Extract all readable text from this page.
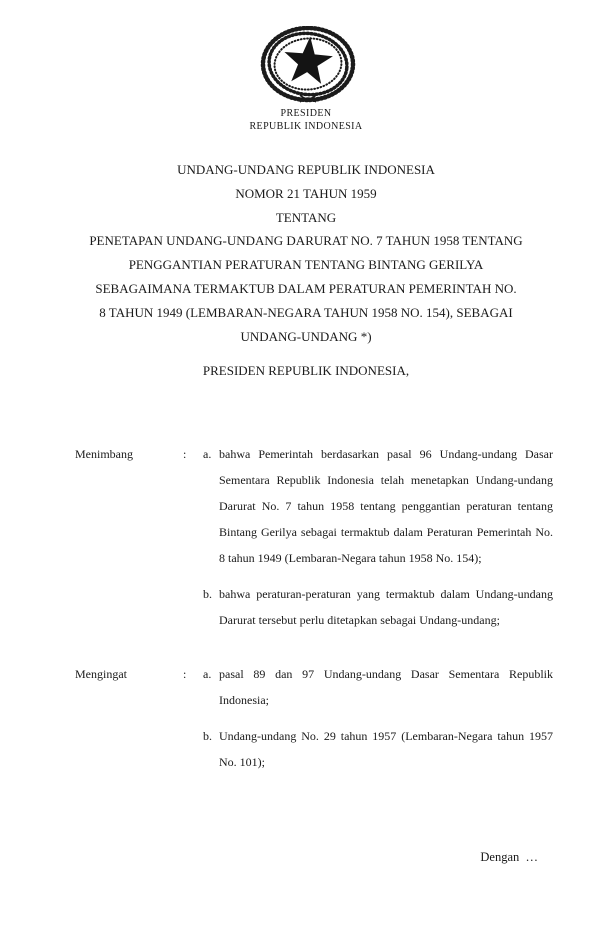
PRESIDEN
REPUBLIK INDONESIA
UNDANG-UNDANG REPUBLIK INDONESIA
NOMOR 21 TAHUN 1959
TENTANG
PENETAPAN UNDANG-UNDANG DARURAT NO. 7 TAHUN 1958 TENTANG
PENGGANTIAN PERATURAN TENTANG BINTANG GERILYA
SEBAGAIMANA TERMAKTUB DALAM PERATURAN PEMERINTAH NO.
8 TAHUN 1949 (LEMBARAN-NEGARA TAHUN 1958 NO. 154), SEBAGAI
UNDANG-UNDANG *)
PRESIDEN REPUBLIK INDONESIA,
Menimbang	:	a. bahwa Pemerintah berdasarkan pasal 96 Undang-undang Dasar Sementara Republik Indonesia telah menetapkan Undang-undang Darurat No. 7 tahun 1958 tentang penggantian peraturan tentang Bintang Gerilya sebagai termaktub dalam Peraturan Pemerintah No. 8 tahun 1949 (Lembaran-Negara tahun 1958 No. 154);
b. bahwa peraturan-peraturan yang termaktub dalam Undang-undang Darurat tersebut perlu ditetapkan sebagai Undang-undang;
Mengingat	:	a. pasal 89 dan 97 Undang-undang Dasar Sementara Republik Indonesia;
b. Undang-undang No. 29 tahun 1957 (Lembaran-Negara tahun 1957 No. 101);
Dengan  …
